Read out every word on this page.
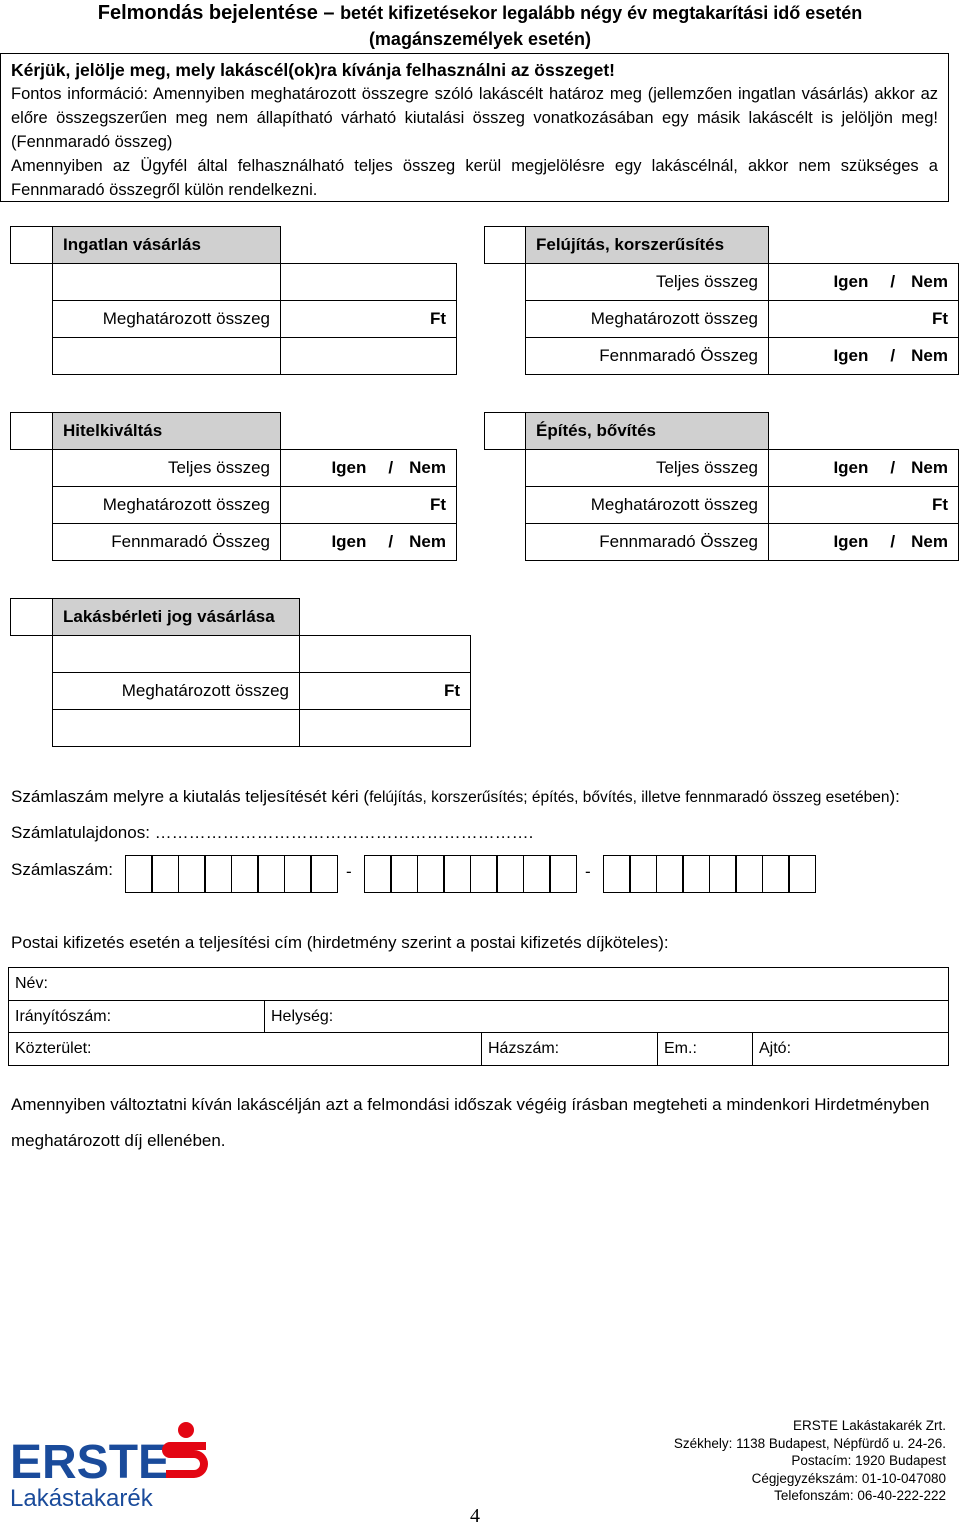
Felmondás bejelentése – betét kifizetésekor legalább négy év megtakarítási idő esetén
(magánszemélyek esetén)
Kérjük, jelölje meg, mely lakáscél(ok)ra kívánja felhasználni az összeget!
Fontos információ: Amennyiben meghatározott összegre szóló lakáscélt határoz meg (jellemzően ingatlan vásárlás) akkor az előre összegszerűen meg nem állapítható várható kiutalási összeg vonatkozásában egy másik lakáscélt is jelöljön meg! (Fennmaradó összeg)
Amennyiben az Ügyfél által felhasználható teljes összeg kerül megjelölésre egy lakáscélnál, akkor nem szükséges a Fennmaradó összegről külön rendelkezni.
Ingatlan vásárlás
Meghatározott összeg	Ft
Felújítás, korszerűsítés
Teljes összeg	Igen / Nem
Meghatározott összeg	Ft
Fennmaradó Összeg	Igen / Nem
Hitelkiváltás
Teljes összeg	Igen / Nem
Meghatározott összeg	Ft
Fennmaradó Összeg	Igen / Nem
Építés, bővítés
Teljes összeg	Igen / Nem
Meghatározott összeg	Ft
Fennmaradó Összeg	Igen / Nem
Lakásbérleti jog vásárlása
Meghatározott összeg	Ft
Számlaszám melyre a kiutalás teljesítését kéri (felújítás, korszerűsítés; építés, bővítés, illetve fennmaradó összeg esetében):
Számlatulajdonos: ………………………………………………………….
Számlaszám:	-	-
Postai kifizetés esetén a teljesítési cím (hirdetmény szerint a postai kifizetés díjköteles):
Név:
Irányítószám:	Helység:
Közterület:	Házszám:	Em.:	Ajtó:
Amennyiben változtatni kíván lakáscélján azt a felmondási időszak végéig írásban megteheti a mindenkori Hirdetményben
meghatározott díj ellenében.
ERSTE
Lakástakarék
4
ERSTE Lakástakarék Zrt.
Székhely: 1138 Budapest, Népfürdő u. 24-26.
Postacím: 1920 Budapest
Cégjegyzékszám: 01-10-047080
Telefonszám: 06-40-222-222
